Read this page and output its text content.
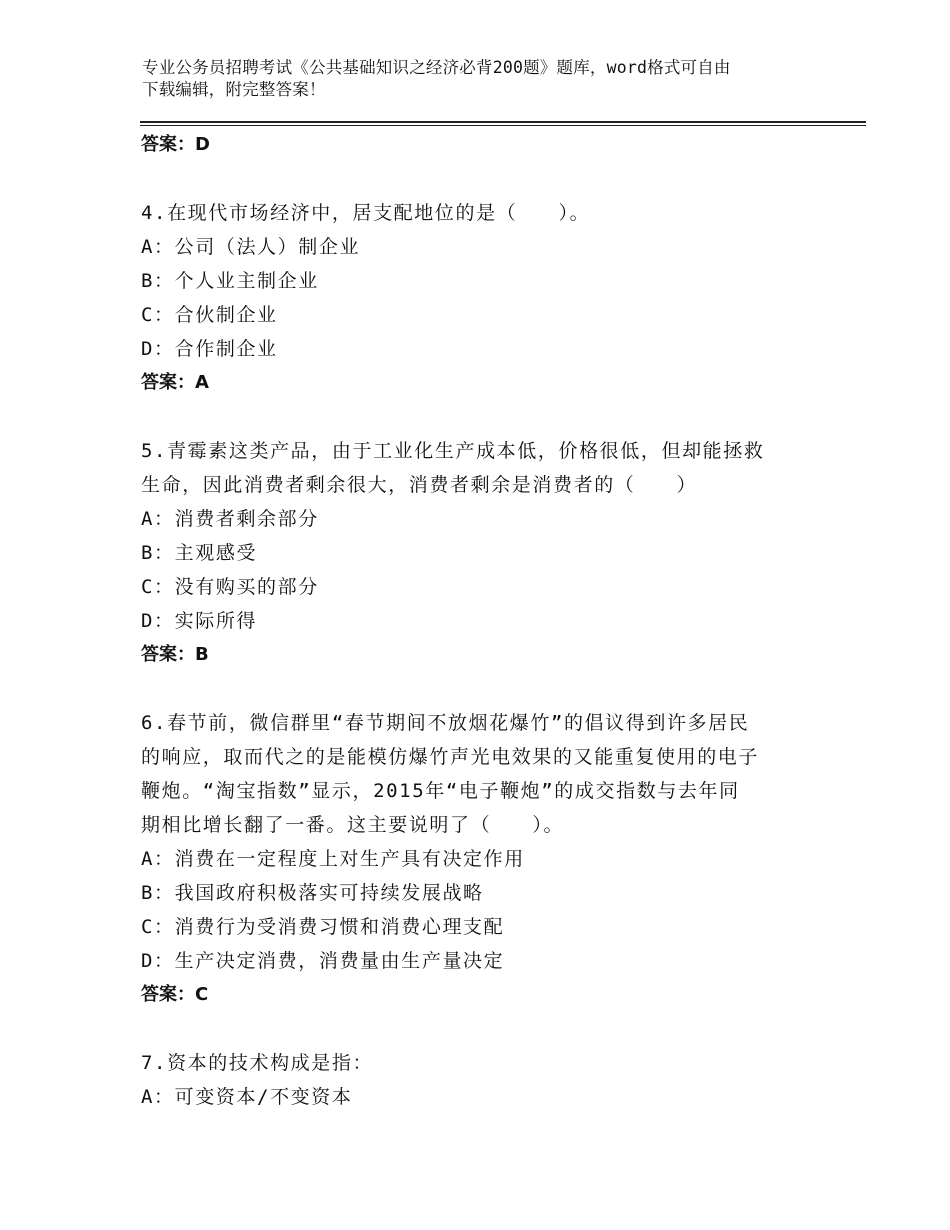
专业公务员招聘考试《公共基础知识之经济必背200题》题库，word格式可自由
下载编辑，附完整答案！
答案：D
4.在现代市场经济中，居支配地位的是（　　）。
A：公司（法人）制企业
B：个人业主制企业
C：合伙制企业
D：合作制企业
答案：A
5.青霉素这类产品，由于工业化生产成本低，价格很低，但却能拯救
生命，因此消费者剩余很大，消费者剩余是消费者的（　　）
A：消费者剩余部分
B：主观感受
C：没有购买的部分
D：实际所得
答案：B
6.春节前，微信群里“春节期间不放烟花爆竹”的倡议得到许多居民
的响应，取而代之的是能模仿爆竹声光电效果的又能重复使用的电子
鞭炮。“淘宝指数”显示，2015年“电子鞭炮”的成交指数与去年同
期相比增长翻了一番。这主要说明了（　　）。
A：消费在一定程度上对生产具有决定作用
B：我国政府积极落实可持续发展战略
C：消费行为受消费习惯和消费心理支配
D：生产决定消费，消费量由生产量决定
答案：C
7.资本的技术构成是指：
A：可变资本/不变资本
